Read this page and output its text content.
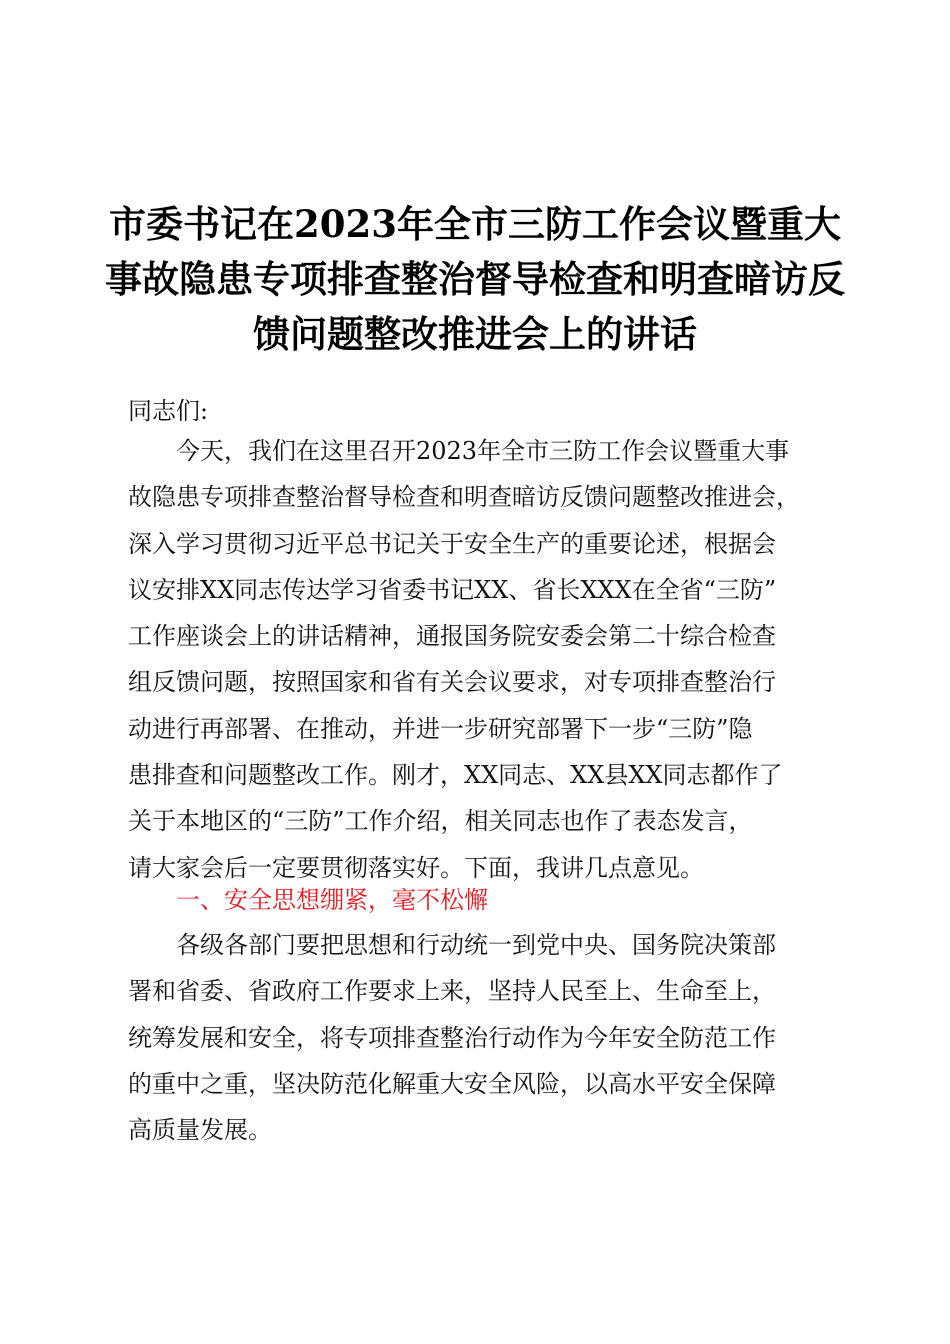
市委书记在2023年全市三防工作会议暨重大
事故隐患专项排查整治督导检查和明查暗访反
馈问题整改推进会上的讲话
同志们:
　　今天，我们在这里召开2023年全市三防工作会议暨重大事
故隐患专项排查整治督导检查和明查暗访反馈问题整改推进会，
深入学习贯彻习近平总书记关于安全生产的重要论述，根据会
议安排XX同志传达学习省委书记XX、省长XXX在全省“三防”
工作座谈会上的讲话精神，通报国务院安委会第二十综合检查
组反馈问题，按照国家和省有关会议要求，对专项排查整治行
动进行再部署、在推动，并进一步研究部署下一步“三防”隐
患排查和问题整改工作。刚才，XX同志、XX县XX同志都作了
关于本地区的“三防”工作介绍，相关同志也作了表态发言，
请大家会后一定要贯彻落实好。下面，我讲几点意见。
一、安全思想绷紧，毫不松懈
　　各级各部门要把思想和行动统一到党中央、国务院决策部
署和省委、省政府工作要求上来，坚持人民至上、生命至上，
统筹发展和安全，将专项排查整治行动作为今年安全防范工作
的重中之重，坚决防范化解重大安全风险，以高水平安全保障
高质量发展。
